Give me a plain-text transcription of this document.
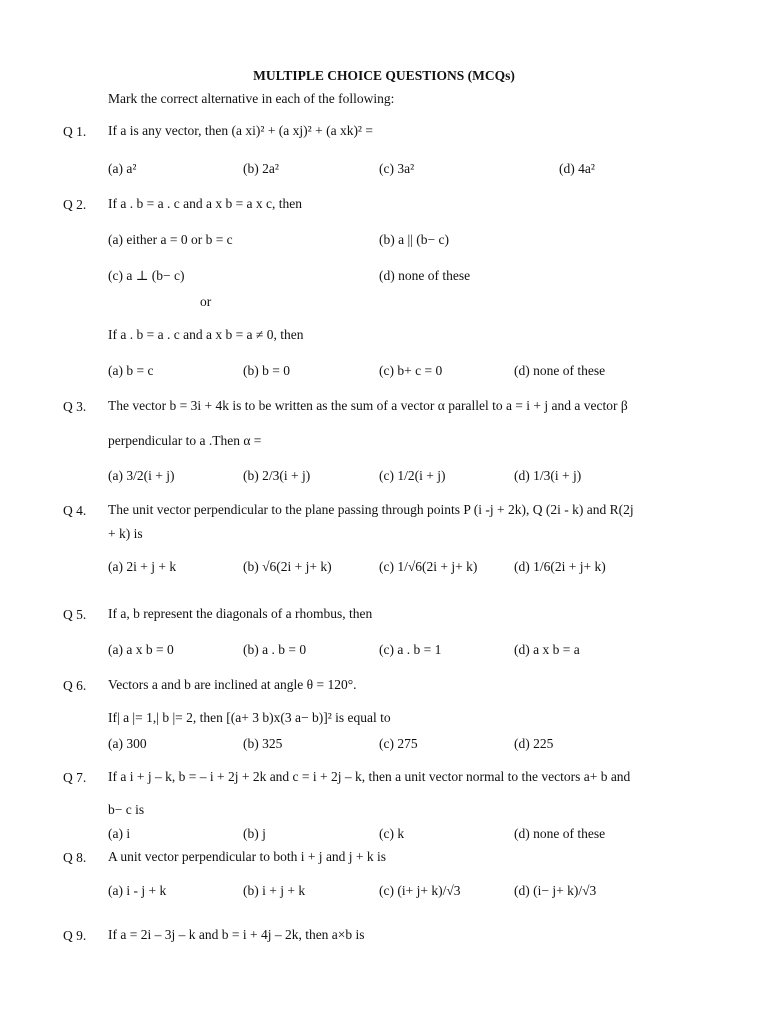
MULTIPLE CHOICE QUESTIONS (MCQs)
Mark the correct alternative in each of the following:
Q 1. If a is any vector, then (a xi)² + (a xj)² + (a xk)² =
(a) a²	(b) 2a²	(c) 3a²	(d) 4a²
Q 2. If a . b = a . c and a x b = a x c, then
(a) either a = 0 or b = c	(b) a || (b− c)
(c) a ⊥ (b− c)	(d) none of these
or
If a . b = a . c and a x b = a ≠ 0, then
(a) b = c	(b) b = 0	(c) b+ c = 0	(d) none of these
Q 3. The vector b = 3i + 4k is to be written as the sum of a vector α parallel to a = i + j and a vector β
perpendicular to a .Then α =
(a) 3/2(i + j)	(b) 2/3(i + j)	(c) 1/2(i + j)	(d) 1/3(i + j)
Q 4. The unit vector perpendicular to the plane passing through points P (i -j + 2k), Q (2i - k) and R(2j
+ k) is
(a) 2i + j + k	(b) √6(2i + j+ k)	(c) 1/√6(2i + j+ k)	(d) 1/6(2i + j+ k)
Q 5. If a, b represent the diagonals of a rhombus, then
(a) a x b = 0	(b) a . b = 0	(c) a . b = 1	(d) a x b = a
Q 6. Vectors a and b are inclined at angle θ = 120°.
If| a |= 1,| b |= 2, then [(a+ 3 b)x(3 a− b)]² is equal to
(a) 300	(b) 325	(c) 275	(d) 225
Q 7. If a i + j – k, b = – i + 2j + 2k and c = i + 2j – k, then a unit vector normal to the vectors a+ b and
b− c is
(a) i	(b) j	(c) k	(d) none of these
Q 8. A unit vector perpendicular to both i + j and j + k is
(a) i - j + k	(b) i + j + k	(c) (i+ j+ k)/√3	(d) (i− j+ k)/√3
Q 9. If a = 2i – 3j – k and b = i + 4j – 2k, then a×b is
